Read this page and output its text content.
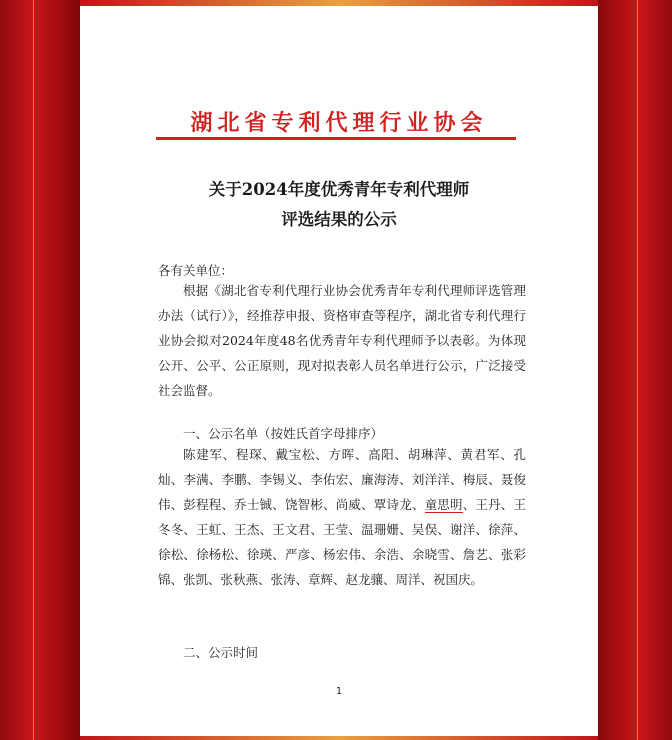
湖北省专利代理行业协会
关于2024年度优秀青年专利代理师
评选结果的公示
各有关单位：
根据《湖北省专利代理行业协会优秀青年专利代理师评选管理办法（试行）》，经推荐申报、资格审查等程序，湖北省专利代理行业协会拟对2024年度48名优秀青年专利代理师予以表彰。为体现公开、公平、公正原则，现对拟表彰人员名单进行公示，广泛接受社会监督。
一、公示名单（按姓氏首字母排序）
陈建军、程琛、戴宝松、方晖、高阳、胡琳萍、黄君军、孔灿、李满、李鹏、李锡义、李佑宏、廉海涛、刘洋洋、梅辰、聂俊伟、彭程程、乔士铖、饶智彬、尚威、覃诗龙、童思明、王丹、王冬冬、王虹、王杰、王文君、王莹、温珊姗、吴俣、谢洋、徐萍、徐松、徐杨松、徐瑛、严彦、杨宏伟、余浩、余晓雪、詹艺、张彩锦、张凯、张秋燕、张涛、章辉、赵龙骧、周洋、祝国庆。
二、公示时间
1
